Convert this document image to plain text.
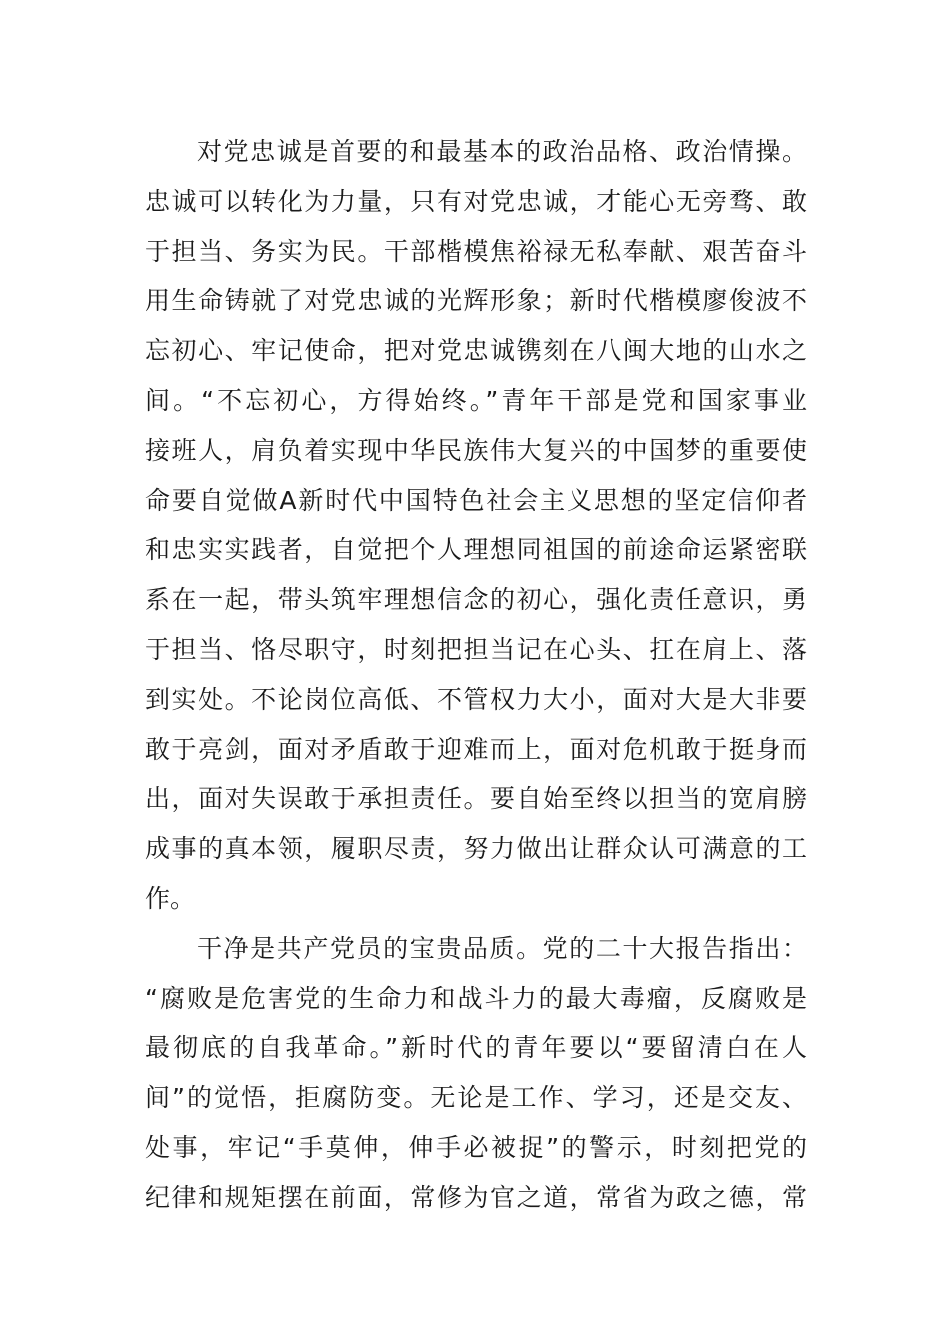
对党忠诚是首要的和最基本的政治品格、政治情操。
忠诚可以转化为力量，只有对党忠诚，才能心无旁骛、敢
于担当、务实为民。干部楷模焦裕禄无私奉献、艰苦奋斗
用生命铸就了对党忠诚的光辉形象；新时代楷模廖俊波不
忘初心、牢记使命，把对党忠诚镌刻在八闽大地的山水之
间。“不忘初心，方得始终。”青年干部是党和国家事业
接班人，肩负着实现中华民族伟大复兴的中国梦的重要使
命要自觉做A新时代中国特色社会主义思想的坚定信仰者
和忠实实践者，自觉把个人理想同祖国的前途命运紧密联
系在一起，带头筑牢理想信念的初心，强化责任意识，勇
于担当、恪尽职守，时刻把担当记在心头、扛在肩上、落
到实处。不论岗位高低、不管权力大小，面对大是大非要
敢于亮剑，面对矛盾敢于迎难而上，面对危机敢于挺身而
出，面对失误敢于承担责任。要自始至终以担当的宽肩膀
成事的真本领，履职尽责，努力做出让群众认可满意的工
作。
干净是共产党员的宝贵品质。党的二十大报告指出：
“腐败是危害党的生命力和战斗力的最大毒瘤，反腐败是
最彻底的自我革命。”新时代的青年要以“要留清白在人
间”的觉悟，拒腐防变。无论是工作、学习，还是交友、
处事，牢记“手莫伸，伸手必被捉”的警示，时刻把党的
纪律和规矩摆在前面，常修为官之道，常省为政之德，常
